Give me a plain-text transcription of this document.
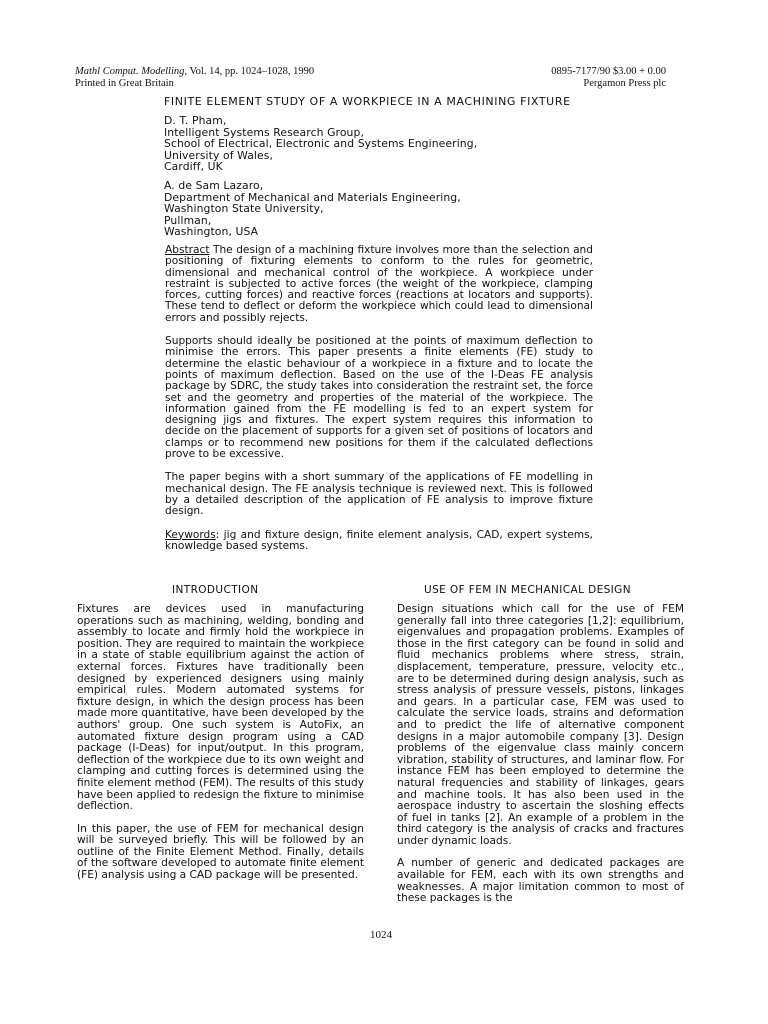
Mathl Comput. Modelling, Vol. 14, pp. 1024–1028, 1990
Printed in Great Britain
0895-7177/90 $3.00 + 0.00
Pergamon Press plc
FINITE ELEMENT STUDY OF A WORKPIECE IN A MACHINING FIXTURE
D. T. Pham,
Intelligent Systems Research Group,
School of Electrical, Electronic and Systems Engineering,
University of Wales,
Cardiff, UK
A. de Sam Lazaro,
Department of Mechanical and Materials Engineering,
Washington State University,
Pullman,
Washington, USA

Abstract The design of a machining fixture involves more than the selection and positioning of fixturing elements to conform to the rules for geometric, dimensional and mechanical control of the workpiece. A workpiece under restraint is subjected to active forces (the weight of the workpiece, clamping forces, cutting forces) and reactive forces (reactions at locators and supports). These tend to deflect or deform the workpiece which could lead to dimensional errors and possibly rejects.

Supports should ideally be positioned at the points of maximum deflection to minimise the errors. This paper presents a finite elements (FE) study to determine the elastic behaviour of a workpiece in a fixture and to locate the points of maximum deflection. Based on the use of the I-Deas FE analysis package by SDRC, the study takes into consideration the restraint set, the force set and the geometry and properties of the material of the workpiece. The information gained from the FE modelling is fed to an expert system for designing jigs and fixtures. The expert system requires this information to decide on the placement of supports for a given set of positions of locators and clamps or to recommend new positions for them if the calculated deflections prove to be excessive.

The paper begins with a short summary of the applications of FE modelling in mechanical design. The FE analysis technique is reviewed next. This is followed by a detailed description of the application of FE analysis to improve fixture design.

Keywords: jig and fixture design, finite element analysis, CAD, expert systems, knowledge based systems.

INTRODUCTION	USE OF FEM IN MECHANICAL DESIGN

Fixtures are devices used in manufacturing operations such as machining, welding, bonding and assembly to locate and firmly hold the workpiece in position. They are required to maintain the workpiece in a state of stable equilibrium against the action of external forces. Fixtures have traditionally been designed by experienced designers using mainly empirical rules. Modern automated systems for fixture design, in which the design process has been made more quantitative, have been developed by the authors' group. One such system is AutoFix, an automated fixture design program using a CAD package (I-Deas) for input/output. In this program, deflection of the workpiece due to its own weight and clamping and cutting forces is determined using the finite element method (FEM). The results of this study have been applied to redesign the fixture to minimise deflection.

In this paper, the use of FEM for mechanical design will be surveyed briefly. This will be followed by an outline of the Finite Element Method. Finally, details of the software developed to automate finite element (FE) analysis using a CAD package will be presented.

Design situations which call for the use of FEM generally fall into three categories [1,2]: equilibrium, eigenvalues and propagation problems. Examples of those in the first category can be found in solid and fluid mechanics problems where stress, strain, displacement, temperature, pressure, velocity etc., are to be determined during design analysis, such as stress analysis of pressure vessels, pistons, linkages and gears. In a particular case, FEM was used to calculate the service loads, strains and deformation and to predict the life of alternative component designs in a major automobile company [3]. Design problems of the eigenvalue class mainly concern vibration, stability of structures, and laminar flow. For instance FEM has been employed to determine the natural frequencies and stability of linkages, gears and machine tools. It has also been used in the aerospace industry to ascertain the sloshing effects of fuel in tanks [2]. An example of a problem in the third category is the analysis of cracks and fractures under dynamic loads.

A number of generic and dedicated packages are available for FEM, each with its own strengths and weaknesses. A major limitation common to most of these packages is the

1024
